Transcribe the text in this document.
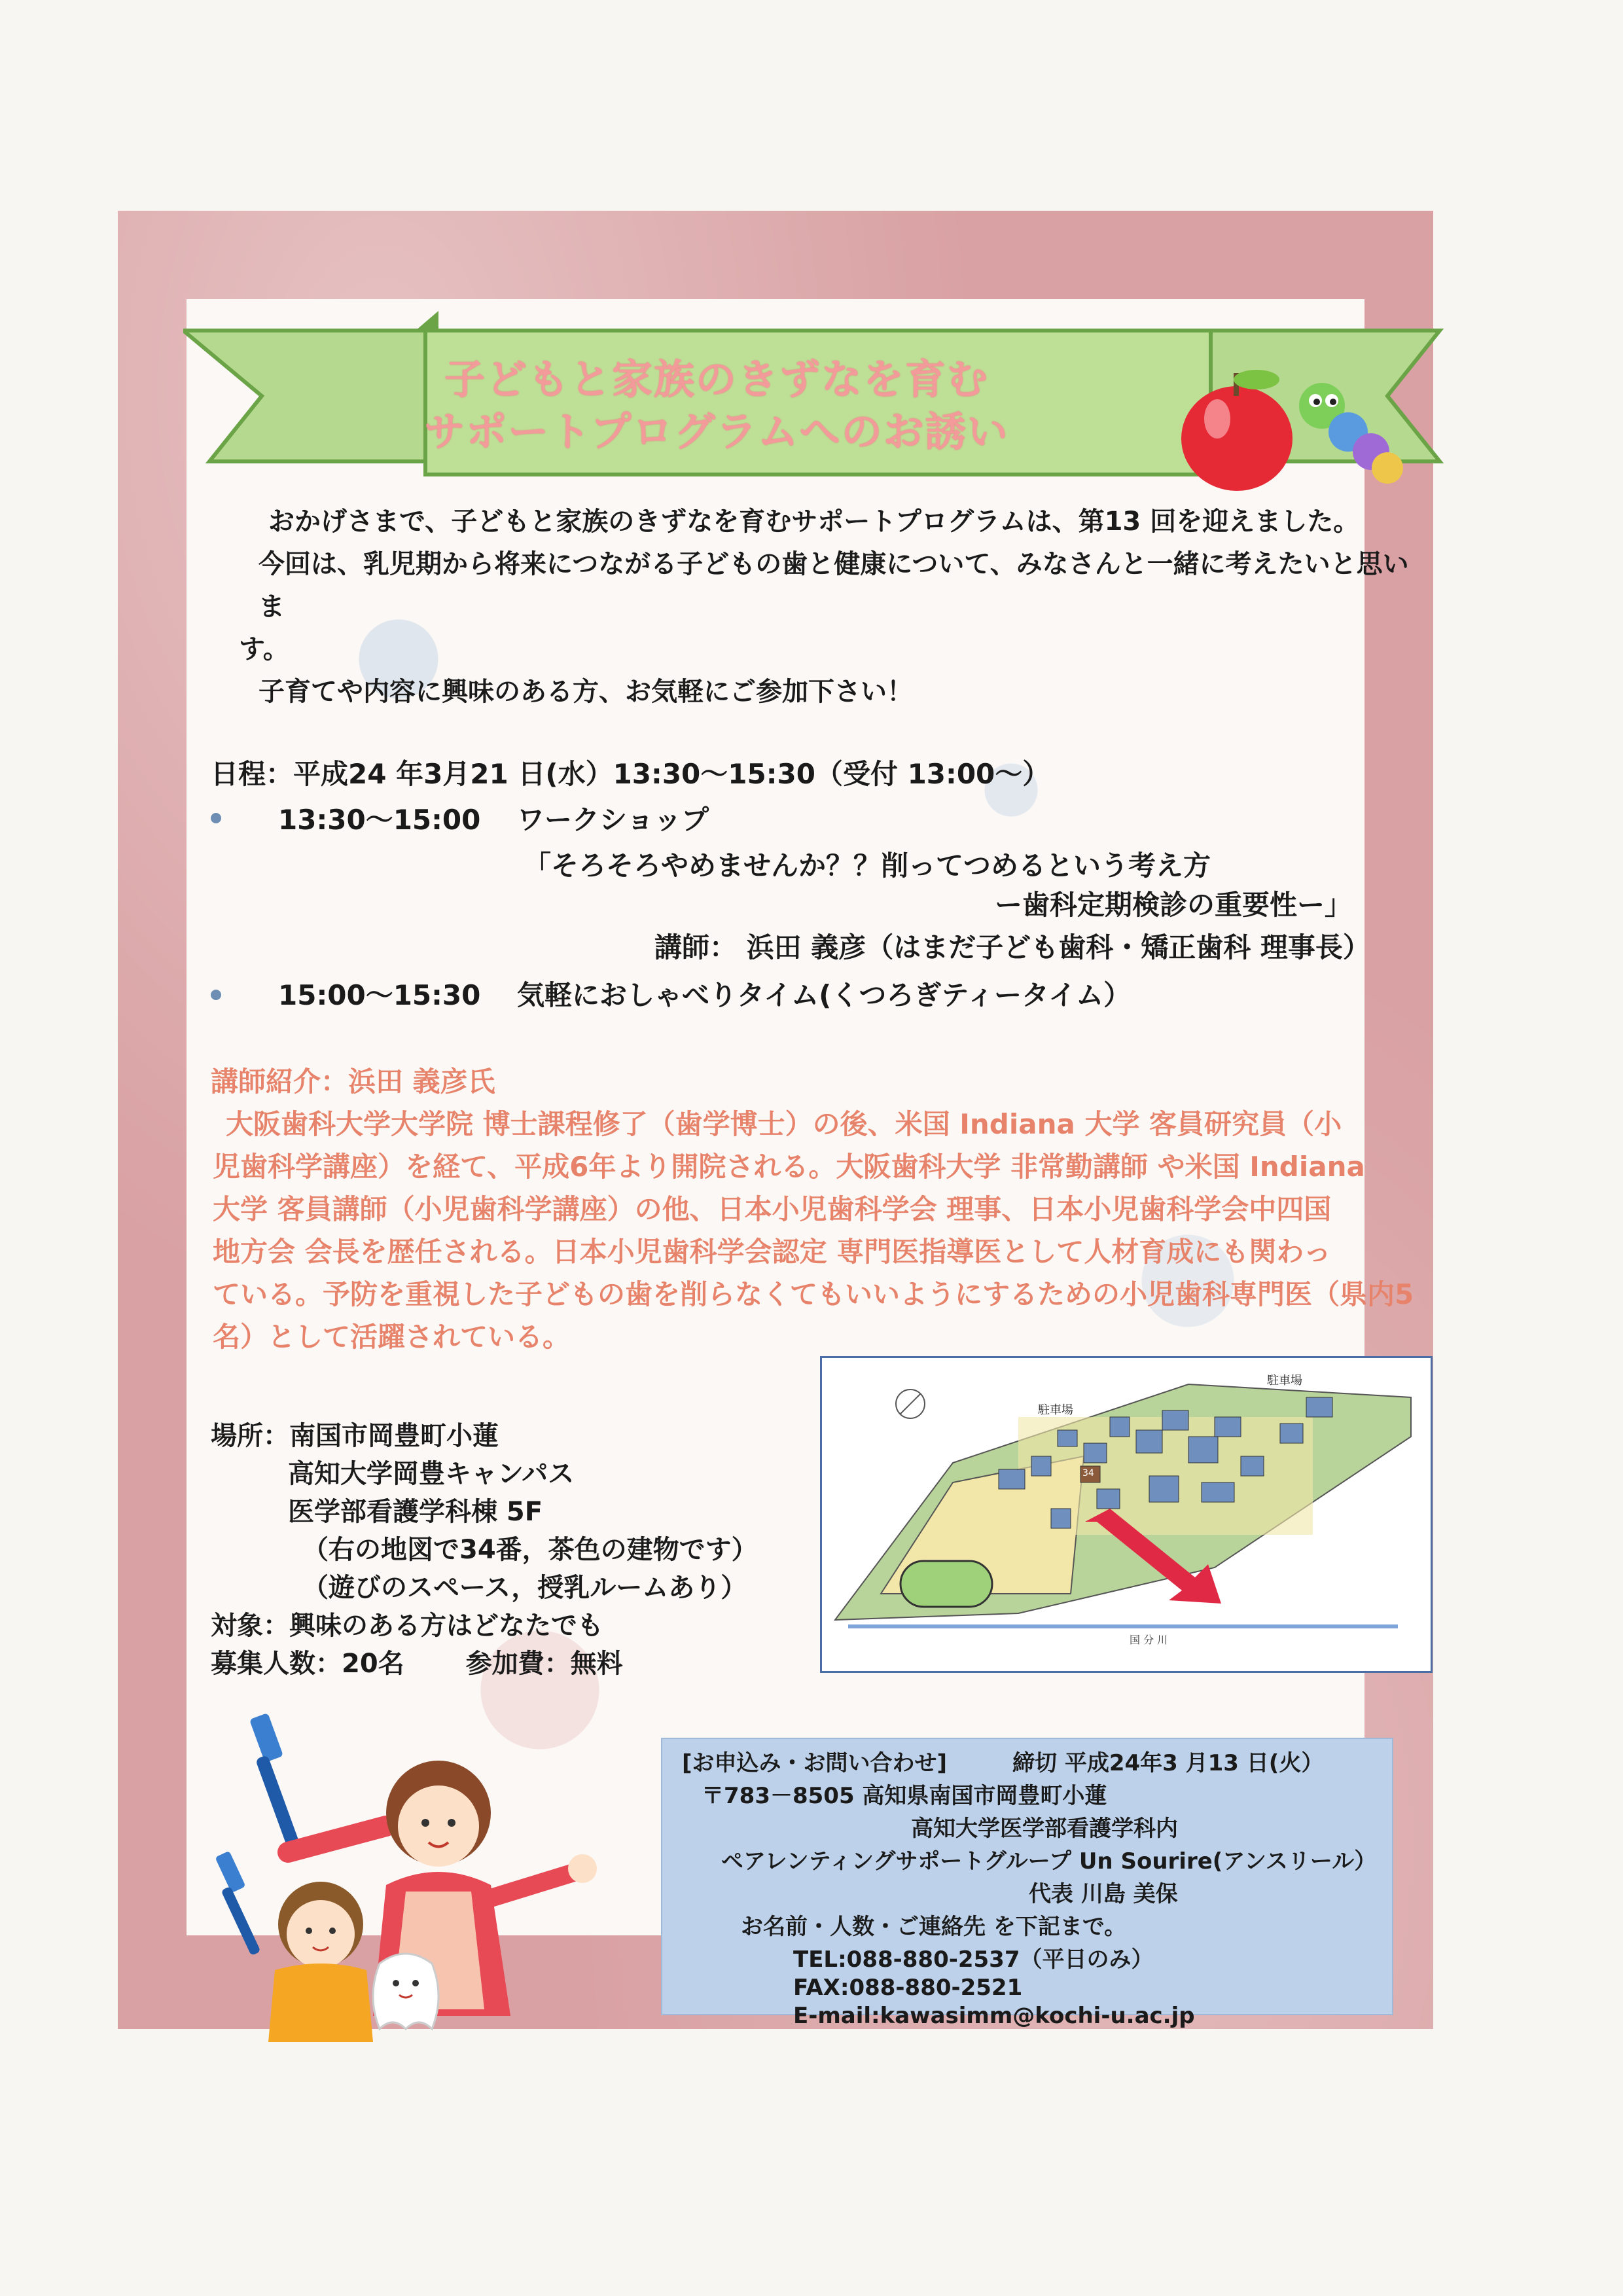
子どもと家族のきずなを育む
サポートプログラムへのお誘い

おかげさまで、子どもと家族のきずなを育むサポートプログラムは、第13 回を迎えました。

今回は、乳児期から将来につながる子どもの歯と健康について、みなさんと一緒に考えたいと思いま

す。

子育てや内容に興味のある方、お気軽にご参加下さい！

日程：平成24 年3月21 日(水）13:30～15:30（受付 13:00～）
13:30～15:00 ワークショップ
「そろそろやめませんか？？削ってつめるという考え方
ー歯科定期検診の重要性ー」
講師： 浜田 義彦（はまだ子ども歯科・矯正歯科 理事長）
15:00～15:30 気軽におしゃべりタイム(くつろぎティータイム）
講師紹介：浜田 義彦氏

大阪歯科大学大学院 博士課程修了（歯学博士）の後、米国 Indiana 大学 客員研究員（小

児歯科学講座）を経て、平成6年より開院される。大阪歯科大学 非常勤講師 や米国 Indiana

大学 客員講師（小児歯科学講座）の他、日本小児歯科学会 理事、日本小児歯科学会中四国

地方会 会長を歴任される。日本小児歯科学会認定 専門医指導医として人材育成にも関わっ

ている。予防を重視した子どもの歯を削らなくてもいいようにするための小児歯科専門医（県内5

名）として活躍されている。

駐車場
駐車場
国 分 川
34
場所：南国市岡豊町小蓮
高知大学岡豊キャンパス
医学部看護学科棟 5F
（右の地図で34番，茶色の建物です）
（遊びのスペース，授乳ルームあり）
対象：興味のある方はどなたでも
募集人数：20名 参加費：無料
[お申込み・お問い合わせ]	締切 平成24年3 月13 日(火）
〒783－8505 高知県南国市岡豊町小蓮
高知大学医学部看護学科内
ペアレンティングサポートグループ Un Sourire(アンスリール）
代表 川島 美保
お名前・人数・ご連絡先 を下記まで。
TEL:088-880-2537（平日のみ）
FAX:088-880-2521
E-mail:kawasimm@kochi-u.ac.jp
